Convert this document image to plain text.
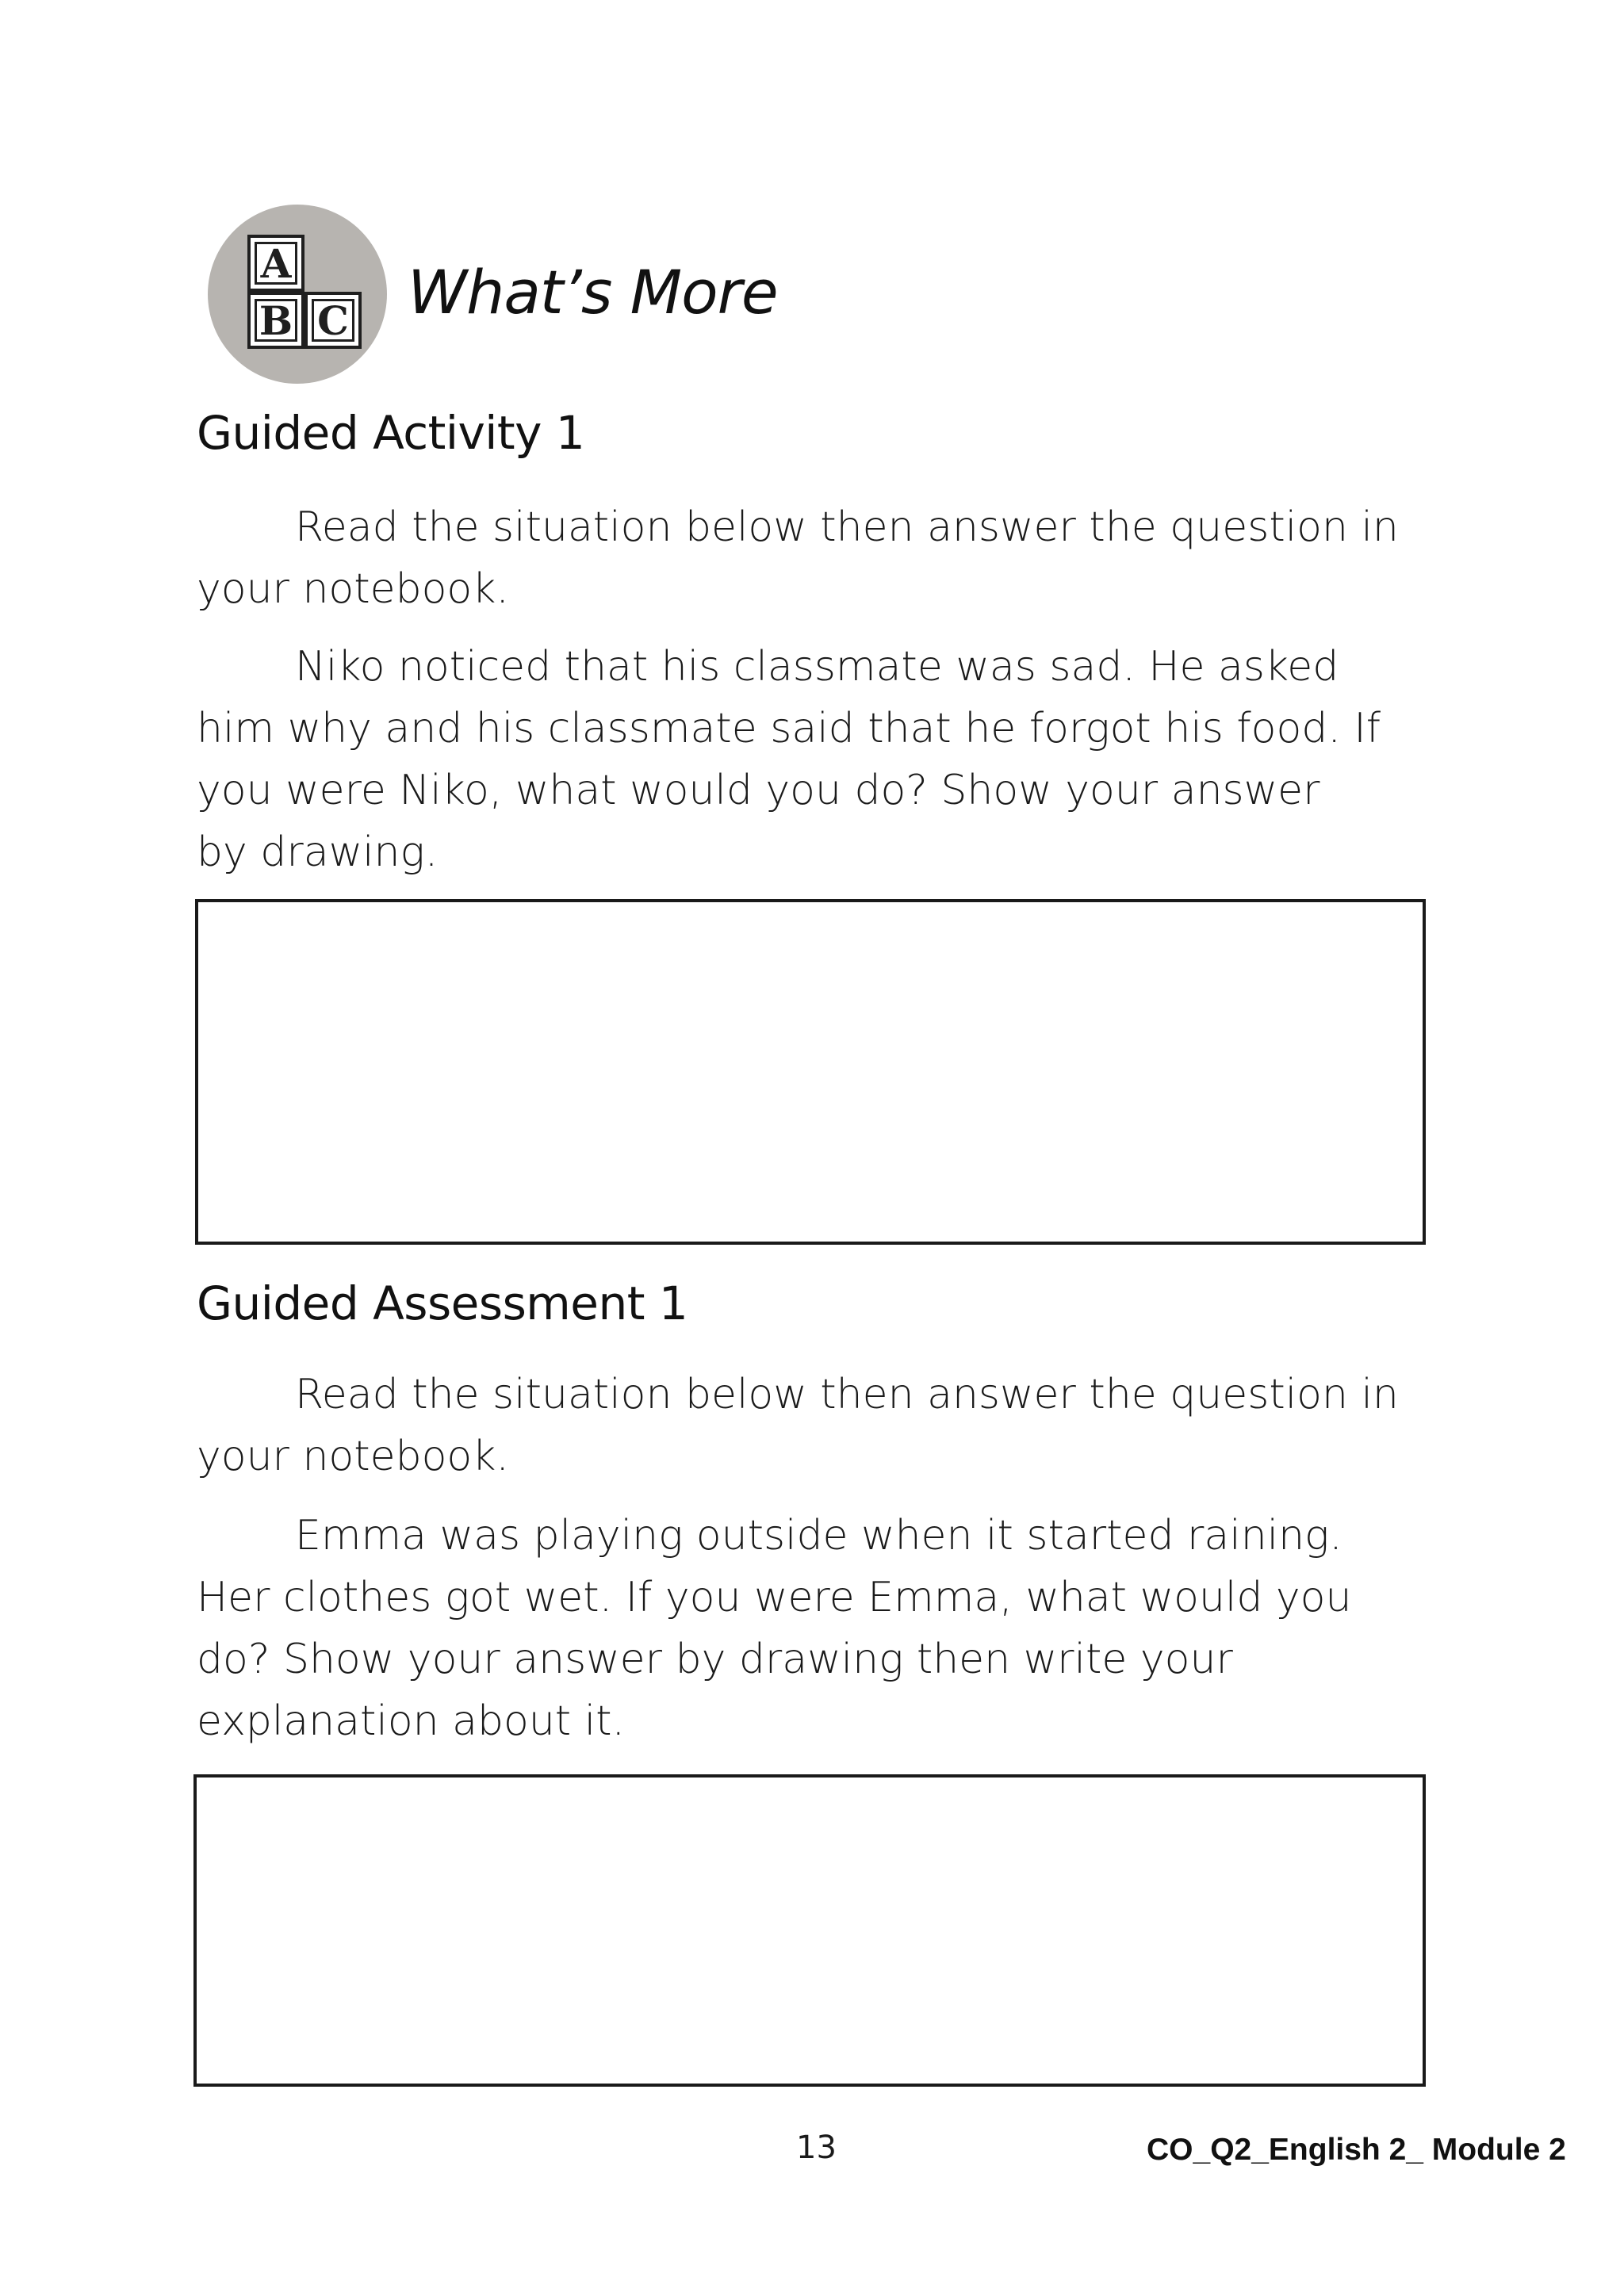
A
B C What’s More
Guided Activity 1
Read the situation below then answer the question in
your notebook.
Niko noticed that his classmate was sad. He asked
him why and his classmate said that he forgot his food. If
you were Niko, what would you do? Show your answer
by drawing.
Guided Assessment 1
Read the situation below then answer the question in
your notebook.
Emma was playing outside when it started raining.
Her clothes got wet. If you were Emma, what would you
do? Show your answer by drawing then write your
explanation about it.
13	CO_Q2_English 2_ Module 2
